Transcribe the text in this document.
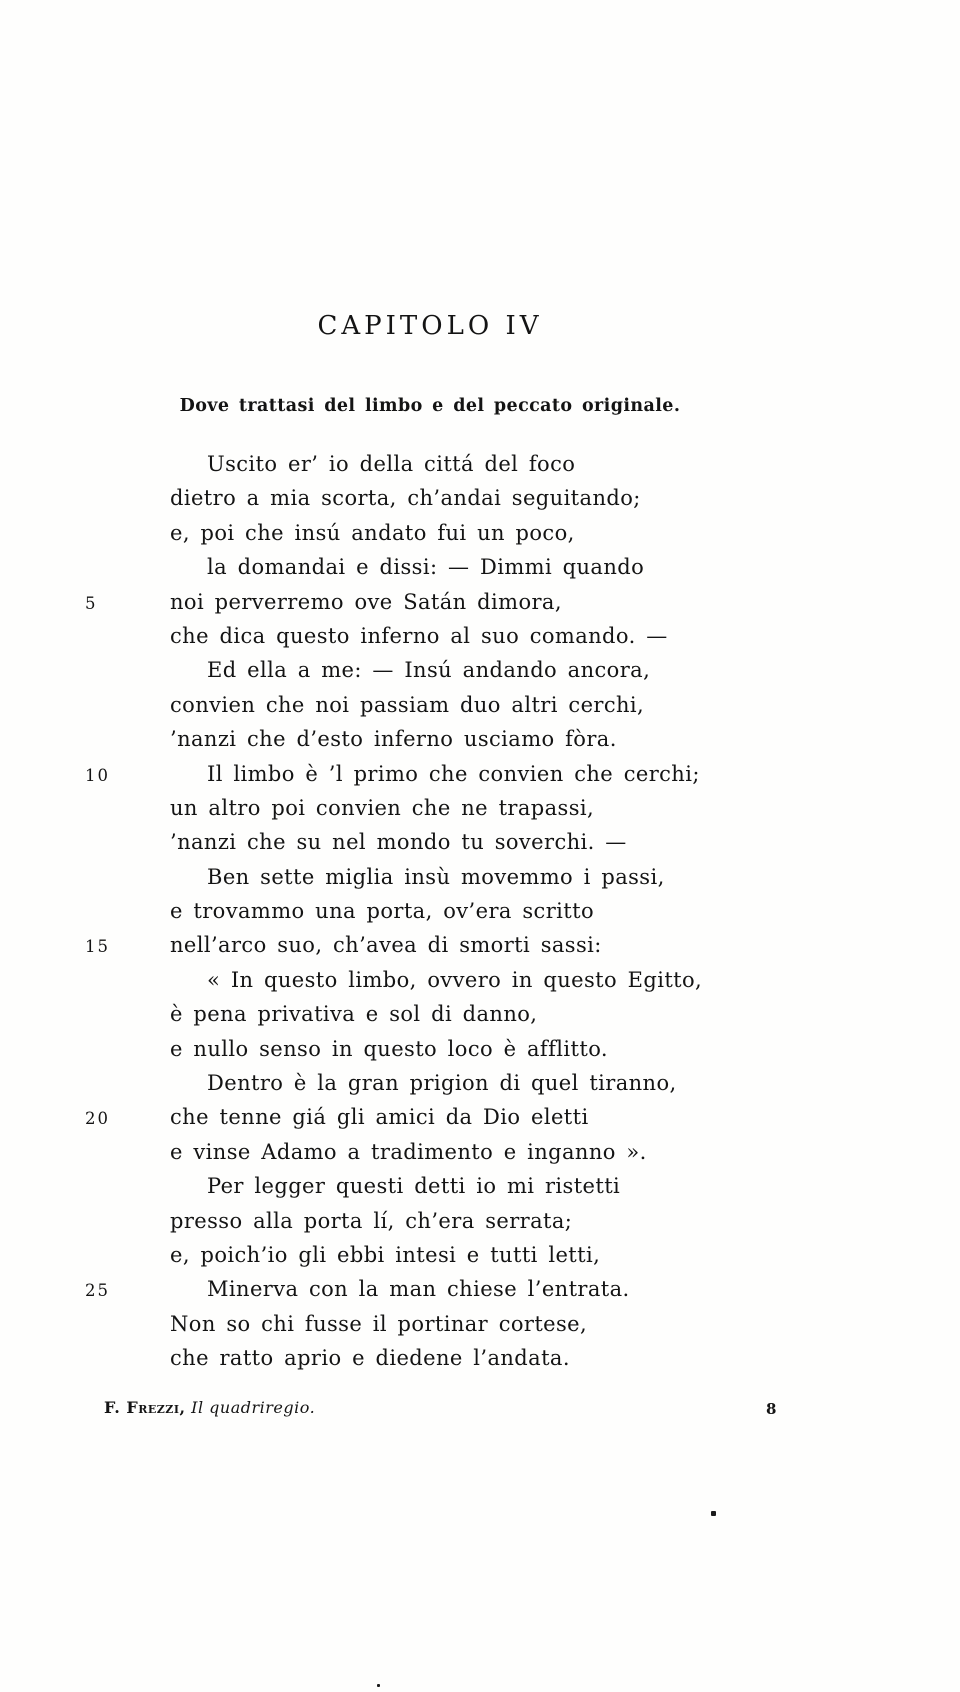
CAPITOLO IV
Dove trattasi del limbo e del peccato originale.
Uscito er’ io della cittá del foco
dietro a mia scorta, ch’andai seguitando;
e, poi che insú andato fui un poco,
la domandai e dissi: — Dimmi quando
5	noi perverremo ove Satán dimora,
che dica questo inferno al suo comando. —
Ed ella a me: — Insú andando ancora,
convien che noi passiam duo altri cerchi,
’nanzi che d’esto inferno usciamo fòra.
10	Il limbo è ’l primo che convien che cerchi;
un altro poi convien che ne trapassi,
’nanzi che su nel mondo tu soverchi. —
Ben sette miglia insù movemmo i passi,
e trovammo una porta, ov’era scritto
15	nell’arco suo, ch’avea di smorti sassi:
« In questo limbo, ovvero in questo Egitto,
è pena privativa e sol di danno,
e nullo senso in questo loco è afflitto.
Dentro è la gran prigion di quel tiranno,
20	che tenne giá gli amici da Dio eletti
e vinse Adamo a tradimento e inganno ».
Per legger questi detti io mi ristetti
presso alla porta lí, ch’era serrata;
e, poich’io gli ebbi intesi e tutti letti,
25	Minerva con la man chiese l’entrata.
Non so chi fusse il portinar cortese,
che ratto aprio e diedene l’andata.
F. Frezzi, Il quadriregio.	8
